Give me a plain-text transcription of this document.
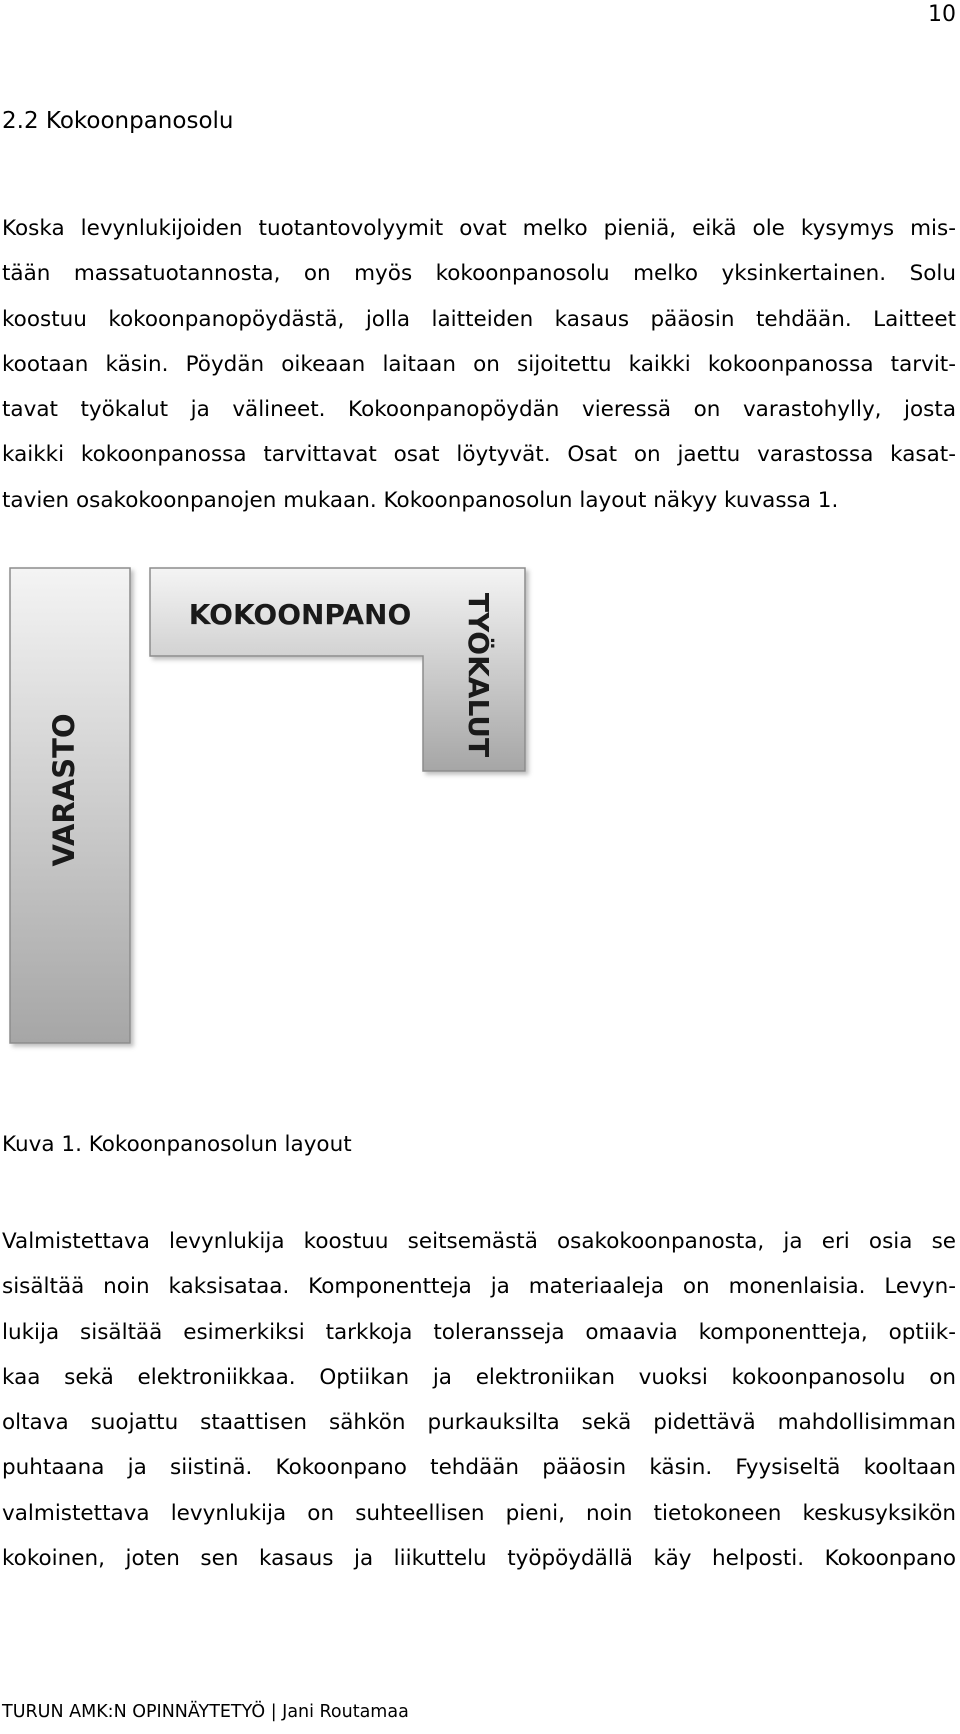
10
2.2 Kokoonpanosolu

Koska levynlukijoiden tuotantovolyymit ovat melko pieniä, eikä ole kysymys mis-
tään massatuotannosta, on myös kokoonpanosolu melko yksinkertainen. Solu
koostuu kokoonpanopöydästä, jolla laitteiden kasaus pääosin tehdään. Laitteet
kootaan käsin. Pöydän oikeaan laitaan on sijoitettu kaikki kokoonpanossa tarvit-
tavat työkalut ja välineet. Kokoonpanopöydän vieressä on varastohylly, josta
kaikki kokoonpanossa tarvittavat osat löytyvät. Osat on jaettu varastossa kasat-
tavien osakokoonpanojen mukaan. Kokoonpanosolun layout näkyy kuvassa 1.

VARASTO
KOKOONPANO TYÖKALUT
Kuva 1. Kokoonpanosolun layout

Valmistettava levynlukija koostuu seitsemästä osakokoonpanosta, ja eri osia se
sisältää noin kaksisataa. Komponentteja ja materiaaleja on monenlaisia. Levyn-
lukija sisältää esimerkiksi tarkkoja toleransseja omaavia komponentteja, optiik-
kaa sekä elektroniikkaa. Optiikan ja elektroniikan vuoksi kokoonpanosolu on
oltava suojattu staattisen sähkön purkauksilta sekä pidettävä mahdollisimman
puhtaana ja siistinä. Kokoonpano tehdään pääosin käsin. Fyysiseltä kooltaan
valmistettava levynlukija on suhteellisen pieni, noin tietokoneen keskusyksikön
kokoinen, joten sen kasaus ja liikuttelu työpöydällä käy helposti. Kokoonpano

TURUN AMK:N OPINNÄYTETYÖ | Jani Routamaa
